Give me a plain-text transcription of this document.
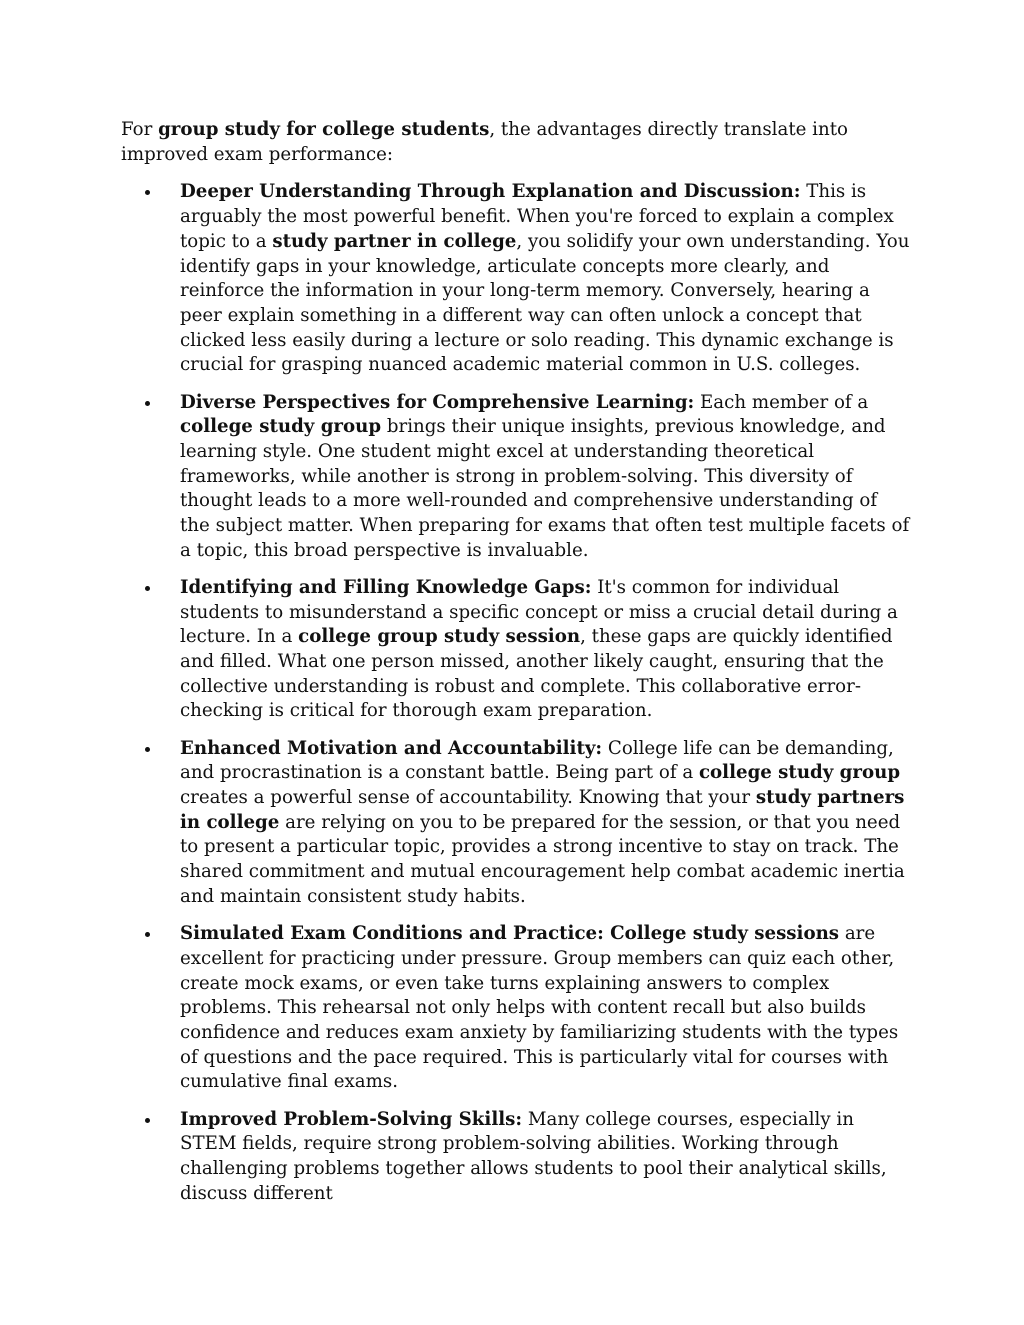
For group study for college students, the advantages directly translate into improved exam performance:

Deeper Understanding Through Explanation and Discussion: This is arguably the most powerful benefit. When you're forced to explain a complex topic to a study partner in college, you solidify your own understanding. You identify gaps in your knowledge, articulate concepts more clearly, and reinforce the information in your long-term memory. Conversely, hearing a peer explain something in a different way can often unlock a concept that clicked less easily during a lecture or solo reading. This dynamic exchange is crucial for grasping nuanced academic material common in U.S. colleges.
Diverse Perspectives for Comprehensive Learning: Each member of a college study group brings their unique insights, previous knowledge, and learning style. One student might excel at understanding theoretical frameworks, while another is strong in problem-solving. This diversity of thought leads to a more well-rounded and comprehensive understanding of the subject matter. When preparing for exams that often test multiple facets of a topic, this broad perspective is invaluable.
Identifying and Filling Knowledge Gaps: It's common for individual students to misunderstand a specific concept or miss a crucial detail during a lecture. In a college group study session, these gaps are quickly identified and filled. What one person missed, another likely caught, ensuring that the collective understanding is robust and complete. This collaborative error-checking is critical for thorough exam preparation.
Enhanced Motivation and Accountability: College life can be demanding, and procrastination is a constant battle. Being part of a college study group creates a powerful sense of accountability. Knowing that your study partners in college are relying on you to be prepared for the session, or that you need to present a particular topic, provides a strong incentive to stay on track. The shared commitment and mutual encouragement help combat academic inertia and maintain consistent study habits.
Simulated Exam Conditions and Practice: College study sessions are excellent for practicing under pressure. Group members can quiz each other, create mock exams, or even take turns explaining answers to complex problems. This rehearsal not only helps with content recall but also builds confidence and reduces exam anxiety by familiarizing students with the types of questions and the pace required. This is particularly vital for courses with cumulative final exams.
Improved Problem-Solving Skills: Many college courses, especially in STEM fields, require strong problem-solving abilities. Working through challenging problems together allows students to pool their analytical skills, discuss different
